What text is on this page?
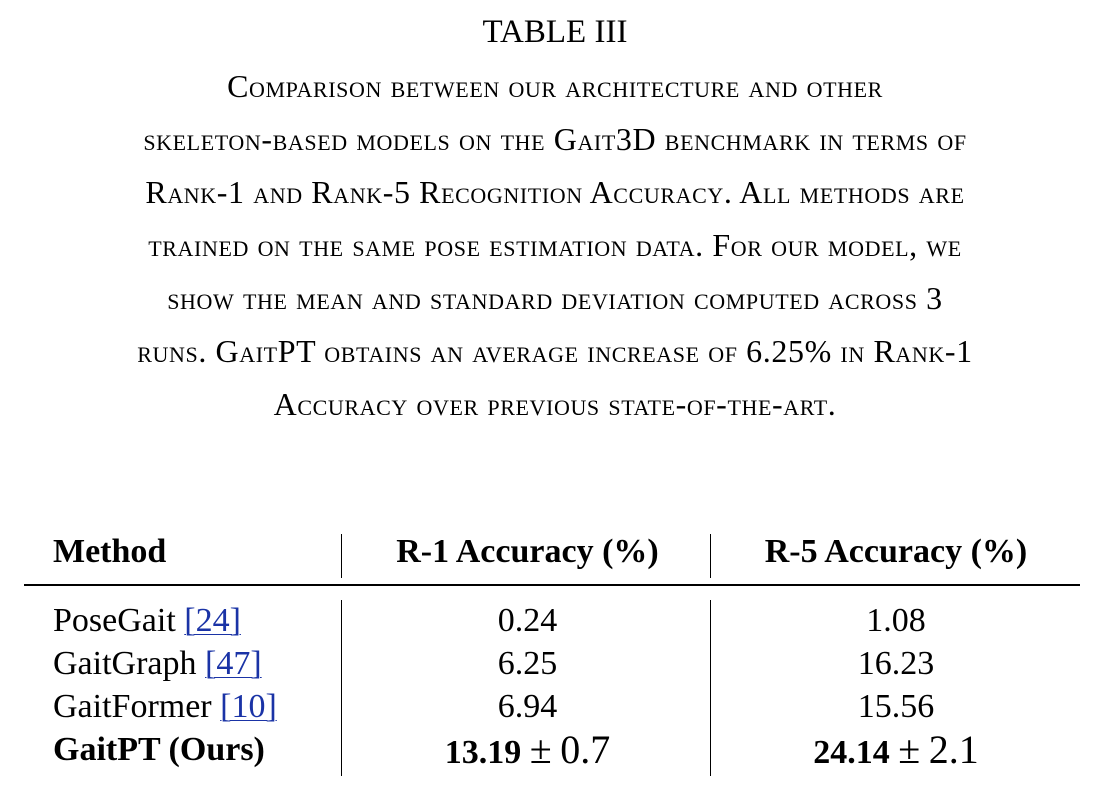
TABLE III
Comparison between our architecture and other
skeleton-based models on the Gait3D benchmark in terms of
Rank-1 and Rank-5 Recognition Accuracy. All methods are
trained on the same pose estimation data. For our model, we
show the mean and standard deviation computed across 3
runs. GaitPT obtains an average increase of 6.25% in Rank-1
Accuracy over previous state-of-the-art.
Method	R-1 Accuracy (%)	R-5 Accuracy (%)
PoseGait [24]	0.24	1.08
GaitGraph [47]	6.25	16.23
GaitFormer [10]	6.94	15.56
GaitPT (Ours)	13.19 ± 0.7	24.14 ± 2.1
